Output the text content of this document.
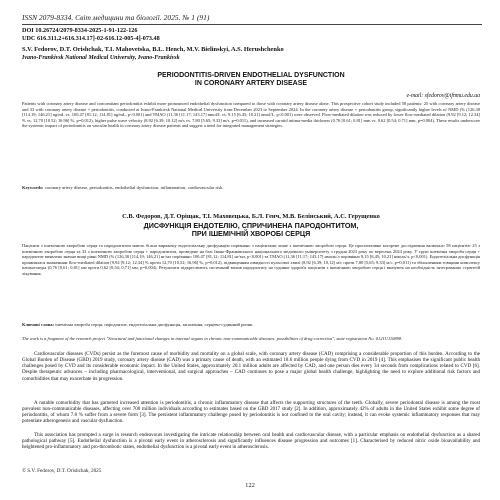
ISSN 2079-8334. Світ медицини та біології. 2025. № 1 (91)
DOI 10.26724/2079-8334-2025-1-91-122-126
UDC 616.311.2+616.314.17]-02-616.12-005-4]-073.48
S.V. Fedorov, D.T. Orishchak, T.I. Mahovetska, B.L. Hench, M.V. Bielinskyi, A.S. Herushchenko
Ivano-Frankivsk National Medical University, Ivano-Frankivsk
PERIODONTITIS-DRIVEN ENDOTHELIAL DYSFUNCTION
IN CORONARY ARTERY DISEASE
e-mail: sfedorov@ifnmu.edu.ua
Patients with coronary artery disease and concomitant periodontitis exhibit more pronounced endothelial dysfunction compared to those with coronary artery disease alone. This prospective cohort study included 58 patients: 25 with coronary artery disease and 33 with coronary artery disease + periodontitis, conducted at Ivano-Frankivsk National Medical University from December 2023 to September 2024. In the coronary artery disease + periodontitis group, significantly higher levels of NMD (% (126.38 [114.19; 146.21] ng/mL vs. 100.47 [81.12; 114.81] ng/mL, p<0.001) and TMAO (11.36 [11.17; 143.17] nmol/L vs. 9.15 [6.45; 10.21] nmol/L, p<0.001) were observed. Flow-mediated dilation was reduced by lower flow-mediated dilation (9.92 [9.12; 12.34] % vs. 12.70 [10.52; 16.96] %, p=0.012), higher pulse wave velocity (8.92 [6.39; 10.12] m/s vs. 7.80 [5.65; 9.33] m/s, p=0.011), and increased carotid intima-media thickness (0.76 [0.61; 0.81] mm vs. 0.62 [0.54; 0.71] mm, p=0.004). These results underscore the systemic impact of periodontitis on vascular health in coronary artery disease patients and suggest a need for integrated management strategies.
Keywords: coronary artery disease, periodontitis, endothelial dysfunction, inflammation, cardiovascular risk.
С.В. Федоров, Д.Т. Оріщак, Т.І. Маховецька, Б.Л. Генч, М.В. Белінський, А.С. Герущенко
ДИСФУНКЦІЯ ЕНДОТЕЛІЮ, СПРИЧИНЕНА ПАРОДОНТИТОМ,
ПРИ ІШЕМІЧНІЙ ХВОРОБІ СЕРЦЯ
Пацієнти з ішемічною хворобою серця та пародонтитом мають більш виражену ендотеліальну дисфункцію порівняно з пацієнтами лише з ішемічною хворобою серця. Це проспективне когортне дослідження включало 58 пацієнтів: 25 з ішемічною хворобою серця та 33 з ішемічною хворобою серця + пародонтитом, проведене на базі Івано-Франківського національного медичного університету з грудня 2023 року по вересень 2024 року. У групі ішемічна хвороба серця + пародонтит виявлено значно вищі рівні NMD (% (126,38 [114,19; 146,21] нг/мл порівняно 100,47 [81,12; 114,81] нг/мл, p<0,001) та TMAO (11,36 [11,17; 143,17] нмоль/л порівняно 9,15 [6,45; 10,21] нмоль/л, p<0,001). Ендотеліальна дисфункція проявлялася зниженням flow-mediated dilation (9,92 [9,12; 12,34] % проти 12,70 [10,52; 16,96] %, p=0,012), підвищенням швидкості пульсової хвилі (8,92 [6,39; 10,12] м/с проти 7,80 [5,65; 9,33] м/с, p=0,011) та збільшенням товщини комплексу інтима-медіа (0,76 [0,61; 0,81] мм проти 0,62 [0,54; 0,71] мм, p=0,004). Результати підкреслюють системний вплив пародонтиту на судинне здоров'я пацієнтів з ішемічною хворобою серця і вказують на необхідність інтегрованих стратегій лікування.
Ключові слова: ішемічна хвороба серця, пародонтит, ендотеліальна дисфункція, запалення, серцево-судинний ризик.
The work is a fragment of the research project "Structural and functional changes in internal organs in chronic non-communicable diseases: possibilities of drug correction", state registration No. 0121U110898.
Cardiovascular diseases (CVDs) persist as the foremost cause of morbidity and mortality on a global scale, with coronary artery disease (CAD) comprising a considerable proportion of this burden. According to the Global Burden of Disease (GBD) 2019 study, coronary artery disease (CAD) was a primary cause of death, with an estimated 18.6 million people dying from CVD in 2019 [4]. This emphasises the significant public health challenges posed by CVD and its considerable economic impact. In the United States, approximately 20.1 million adults are affected by CAD, and one person dies every 34 seconds from complications related to CVD [6]. Despite therapeutic advances – including pharmacological, interventional, and surgical approaches – CAD continues to pose a major global health challenge, highlighting the need to explore additional risk factors and comorbidities that may exacerbate its progression.
A notable comorbidity that has garnered increased attention is periodontitis, a chronic inflammatory disease that affects the supporting structures of the teeth. Globally, severe periodontal disease is among the most prevalent non-communicable diseases, affecting over 700 million individuals according to estimates based on the GBD 2017 study [2]. In addition, approximately 42% of adults in the United States exhibit some degree of periodontitis, of whom 7.8 % suffer from a severe form [3]. The persistent inflammatory challenge posed by periodontitis is not confined to the oral cavity; instead, it can evoke systemic inflammatory responses that may potentiate atherogenesis and vascular dysfunction.
This association has prompted a surge in research endeavours investigating the intricate relationship between oral health and cardiovascular disease, with a particular emphasis on endothelial dysfunction as a shared pathological pathway [5]. Endothelial dysfunction is a pivotal early event in atherosclerosis and significantly influences disease progression and outcomes [1]. Characterised by reduced nitric oxide bioavailability and heightened pro-inflammatory and pro-thrombotic states, endothelial dysfunction is a pivotal early event in atherosclerosis.
© S.V. Fedorov, D.T. Orishchak, 2025
122
